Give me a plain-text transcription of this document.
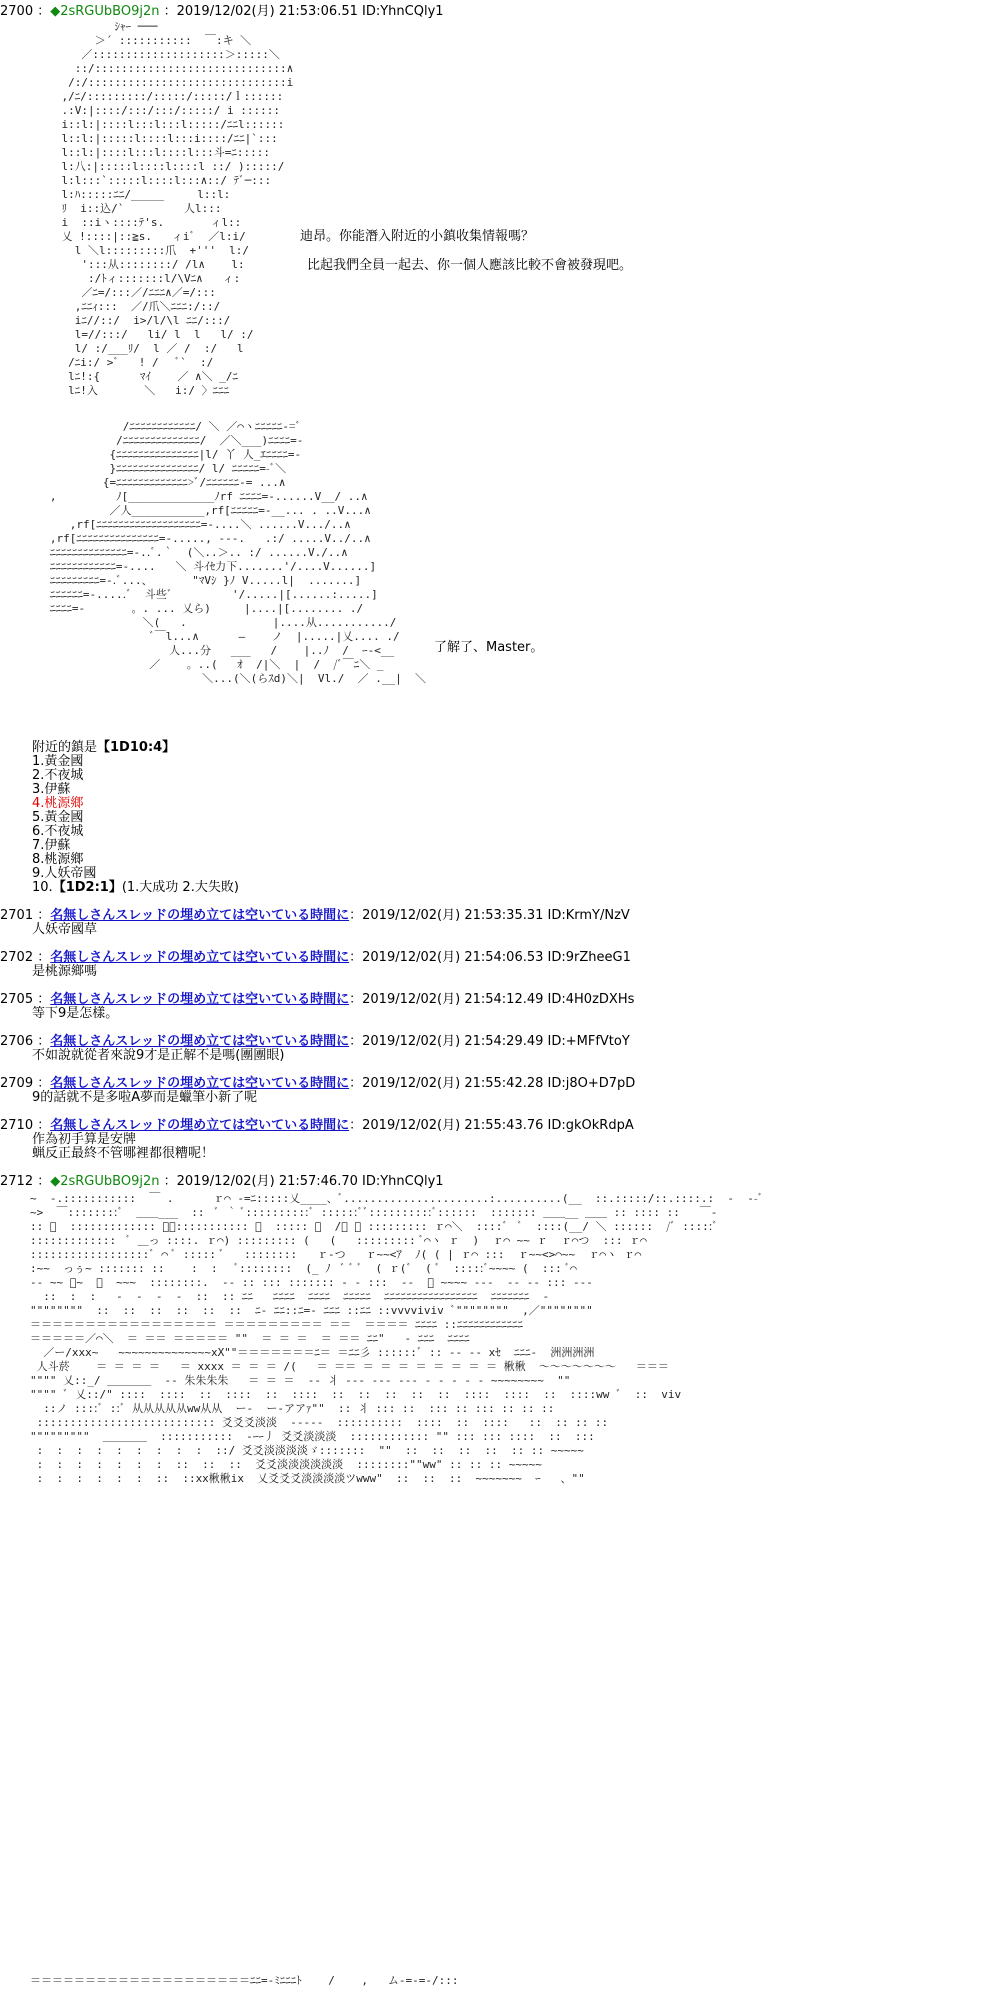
2700 ：◆2sRGUbBO9j2n ：2019/12/02(月) 21:53:06.51 ID:YhnCQly1
ｼｬｰ ───
＞´ :::::::::::  ￣:キ ＼
／::::::::::::::::::::＞:::::＼
::/:::::::::::::::::::::::::::::∧
/:/::::::::::::::::::::::::::::::i
,/ﾆ/:::::::::/:::::/:::::/ｌ::::::
.:V:|::::/:::/:::/:::::/ i ::::::
i::l:|::::l:::l:::l:::::/ﾆﾆl::::::
l::l:|:::::l::::l:::i::::/ﾆﾆ|`:::
l::l:|::::l:::l::::l:::斗=ﾆ:::::
l:八:|:::::l::::l::::l ::/ ):::::/
l:l:::`:::::l::::l:::∧::/ ﾃﾞ─:::
l:ﾊ:::::ﾆﾆ/_____     l::l:
ﾘ  i::込/`         人l:::
i  ::iヽ::::ﾃ's.       ィl::
乂 !::::|::≧s.   ィiﾞ  ／l:i/
l ＼l:::::::::爪  +'''  l:/
':::从::::::::/ /l∧    l:
:/ﾄィ:::::::l/\Vﾆ∧   ィ:
／ﾆ=/:::／/ﾆﾆﾆ∧／=/:::
,ﾆﾆｨ:::  ／/爪＼ﾆﾆﾆ:/::/
iﾆ//::/  i>/l/\l ﾆﾆ/:::/
l=//:::/   li/ l  l   l/ :/
l/ :/___ﾘ/  l ／ /  :/   l
/ﾆi:/ >ﾞ   ! /   ﾞ`  :/
lﾆ!:{      ﾏｲ    ／ ∧＼ _/ﾆ
lﾆ!入       ＼   i:/ 〉ﾆﾆﾆ
迪昂。你能潛入附近的小鎮收集情報嗎？
比起我們全員一起去、你一個人應該比較不會被發現吧。
/ﾆﾆﾆﾆﾆﾆﾆﾆﾆﾆﾆﾆ/ ＼ ／⌒ヽﾆﾆﾆﾆﾆ-=ﾞ
/ﾆﾆﾆﾆﾆﾆﾆﾆﾆﾆﾆﾆﾆﾆ/  ／＼___)ﾆﾆﾆﾆ=-
{ﾆﾆﾆﾆﾆﾆﾆﾆﾆﾆﾆﾆﾆﾆﾆ|l/ 丫 人_ｴﾆﾆﾆﾆ=-
}ﾆﾆﾆﾆﾆﾆﾆﾆﾆﾆﾆﾆﾆﾆﾆ/ l/ ﾆﾆﾆﾆﾆ=-ﾞ＼
{=ﾆﾆﾆﾆﾆﾆﾆﾆﾆﾆﾆﾆﾆ>ﾞ/ﾆﾆﾆﾆﾆﾆ-= ...∧
,         ﾉ[_____________ﾉrf ﾆﾆﾆﾆ=-......V__/ ..∧
／人___________,rf[ﾆﾆﾆﾆﾆ=-__... . ..V...∧
,rf[ﾆﾆﾆﾆﾆﾆﾆﾆﾆﾆﾆﾆﾆﾆﾆﾆﾆﾆﾆ=-....＼ ......V.../..∧
,rf[ﾆﾆﾆﾆﾆﾆﾆﾆﾆﾆﾆﾆﾆﾆﾆ=-....., ---.   .:/ .....V../..∧
ﾆﾆﾆﾆﾆﾆﾆﾆﾆﾆﾆﾆﾆﾆ=-..ﾞ.｀  (＼..＞.. :/ ......V./..∧
ﾆﾆﾆﾆﾆﾆﾆﾆﾆﾆﾆﾆ=-....   ＼ 斗ｲｾ力下.......'/....V......]
ﾆﾆﾆﾆﾆﾆﾆﾆﾆ=-.ﾞ...、      "ﾏVｼ }ﾉ V.....l|  .......]
ﾆﾆﾆﾆﾆﾆ=-.....ﾞ  斗些ﾞ         '/.....|[......:.....]
ﾆﾆﾆﾆ=-       。. ... 乂ら)     |....|[........ ./
＼(   .             |....从.........../
ﾞ￣l...∧      ―    ノ  |.....|乂.... ./
人...分   ___   /    |..ﾉ  /  ｰ-<__
／    。..(   ｵ  /|＼  |  /  /ﾞ￣ﾆ＼ _
＼...(＼(らｽd)＼|  Vl./  ／ .__|  ＼
了解了、Master。
附近的鎮是【1D10:4】
1.黃金國
2.不夜城
3.伊蘇
4.桃源鄉
5.黃金國
6.不夜城
7.伊蘇
8.桃源鄉
9.人妖帝國
10.【1D2:1】(1.大成功 2.大失敗)
2701 ：名無しさんスレッドの埋め立ては空いている時間に：2019/12/02(月) 21:53:35.31 ID:KrmY/NzV
人妖帝國草
2702 ：名無しさんスレッドの埋め立ては空いている時間に：2019/12/02(月) 21:54:06.53 ID:9rZheeG1
是桃源鄉嗎
2705 ：名無しさんスレッドの埋め立ては空いている時間に：2019/12/02(月) 21:54:12.49 ID:4H0zDXHs
等下9是怎樣。
2706 ：名無しさんスレッドの埋め立ては空いている時間に：2019/12/02(月) 21:54:29.49 ID:+MFfVtoY
不如說就從者來說9才是正解不是嗎(團團眼)
2709 ：名無しさんスレッドの埋め立ては空いている時間に：2019/12/02(月) 21:55:42.28 ID:j8O+D7pD
9的話就不是多啦A夢而是蠟筆小新了呢
2710 ：名無しさんスレッドの埋め立ては空いている時間に：2019/12/02(月) 21:55:43.76 ID:gkOkRdpA
作為初手算是安牌
蝋反正最終不管哪裡都很糟呢！
2712 ：◆2sRGUbBO9j2n ：2019/12/02(月) 21:57:46.70 ID:YhnCQly1
~  -.:::::::::::  ￣ .      ｒ⌒ -=ﾆ:::::乂____、ﾞ......................:..........(__  ::.:::::/::.::::.:  -  --ﾞ
~>  ￣::::::::ﾞ  ＿＿___  ::  ﾞ ｀ ﾞ::::::::::ﾞ ::::::ﾞﾞ::::::::::ﾞ::::::  ::::::: ＿＿__ ＿＿ :: :::: ::   ￣-
:: ﾞ  ::::::::::::: ＿＿::::::::::: ﾞ  ::::: ﾞ  /ﾞ ﾞ ::::::::: ｒ⌒＼  ::::ﾞ  ﾞ  ::::(__/ ＼ ::::::  /ﾞ :::::ﾞ
:::::::::::::  ﾞ ＿っ ::::. ｒ⌒) ::::::::: (   (   ::::::::: ﾞ⌒ヽ ｒ  )  ｒ⌒ ~~ ｒ  ｒ⌒つ  ::: ｒ⌒
::::::::::::::::::ﾞ ⌒ ﾞ ::::: ﾞ   ::::::::   ｒ‐つ   ｒ~~<ｱ  ﾉ( ( | ｒ⌒ :::  ｒ~~<>⌒~~  ｒ⌒ヽ ｒ⌒
:~~  っぅ~ ::::::: ::    :  :   ﾞ::::::::  (_ ﾉ  ﾞ ﾞ ﾞ  ( ｒ(ﾞ  ( ﾞ  :::::ﾞ~~~~ (  ::: ﾞ⌒
-- ~~ ﾞ~  ﾞ  ~~~  ::::::::.  -- :: ::: ::::::: ‐ ‐ :::  --  ﾞ ~~~~ ‐‐‐  -- ‐‐ ::: ‐‐‐
::  :  :   -  -  -  -  ::  :: ﾆﾆ   ﾆﾆﾆﾆ  ﾆﾆﾆﾆ  ﾆﾆﾆﾆﾆ  ﾆﾆﾆﾆﾆﾆﾆﾆﾆﾆﾆﾆﾆﾆﾆﾆﾆ  ﾆﾆﾆﾆﾆﾆﾆ  -
""""""""  ::  ::  ::  ::  ::  ::  ﾆ- ﾆﾆ::ﾆ=- ﾆﾆﾆ ::ﾆﾆ ::vvvviviv ﾞ""""""""  ,／""""""""
＝＝＝＝＝＝＝＝＝＝＝＝＝＝＝＝＝ ＝＝＝＝＝＝＝＝＝ ＝＝  ＝＝＝＝ ﾆﾆﾆﾆ ::ﾆﾆﾆﾆﾆﾆﾆﾆﾆﾆﾆﾆ
＝＝＝＝＝／⌒＼  ＝ ＝＝ ＝＝＝＝＝ ""  ＝ ＝ ＝  ＝ ＝＝ ﾆﾆ"   ‐ ﾆﾆﾆ  ﾆﾆﾆﾆ
／ー/xxx~   ~~~~~~~~~~~~~~xX""＝＝＝＝＝＝＝ﾆ＝ ＝ﾆﾆ彡 ::::::ﾞ :: ‐‐ ‐‐ xｾ  ﾆﾆﾆ‐  洲洲洲洲
人斗菸    ＝ ＝ ＝ ＝   ＝ xxxx ＝ ＝ ＝ /(   ＝ ＝＝ ＝ ＝ ＝ ＝ ＝ ＝ ＝ ＝ 楸楸  ～～～～～～～   ＝＝＝
"""" 乂::_/ ＿＿＿＿  ‐‐ 朱朱朱朱   ＝ ＝ ＝  ‐‐ 丬 ‐‐‐ ‐‐‐ ‐‐‐ ‐ ‐ ‐ ‐ ‐ ~~~~~~~~  ""
"""" ﾞ 乂::/" ::::  ::::  ::  ::::  ::  ::::  ::  ::  ::  ::  ::  ::::  ::::  ::  ::::ww ﾞ  ::  viv
::ノ ::::ﾞ ::ﾞ 从从从从从ww从从  ー-  ー-アアｧ""  :: 丬 ::: ::  ::: :: ::: :: :: ::
::::::::::::::::::::::::::: 爻爻爻淡淡  -‐‐‐-  ::::::::::  ::::  ::  ::::   ::  :: :: ::
"""""""""  ＿＿＿＿  :::::::::::  -ｰｰ丿 爻爻淡淡淡  :::::::::::: "" ::: ::: ::::  ::  :::
:  :  :  :  :  :  :  :  :  ::/ 爻爻淡淡淡淡ゞ:::::::  ""  ::  ::  ::  ::  :: :: ~~~~~
:  :  :  :  :  :  :  ::  ::  ::  爻爻淡淡淡淡淡淡  ::::::::""ww" :: :: :: ~~~~~
:  :  :  :  :  :  ::  ::xx楸楸ix  乂爻爻爻淡淡淡淡ツwww"  ::  ::  ::  ~~~~~~~  ｰ   、""
＝＝＝＝＝＝＝＝＝＝＝＝＝＝＝＝＝＝＝＝ﾆﾆ=-ﾐﾆﾆﾆﾄ    /    ,   ム-=-=-/:::
